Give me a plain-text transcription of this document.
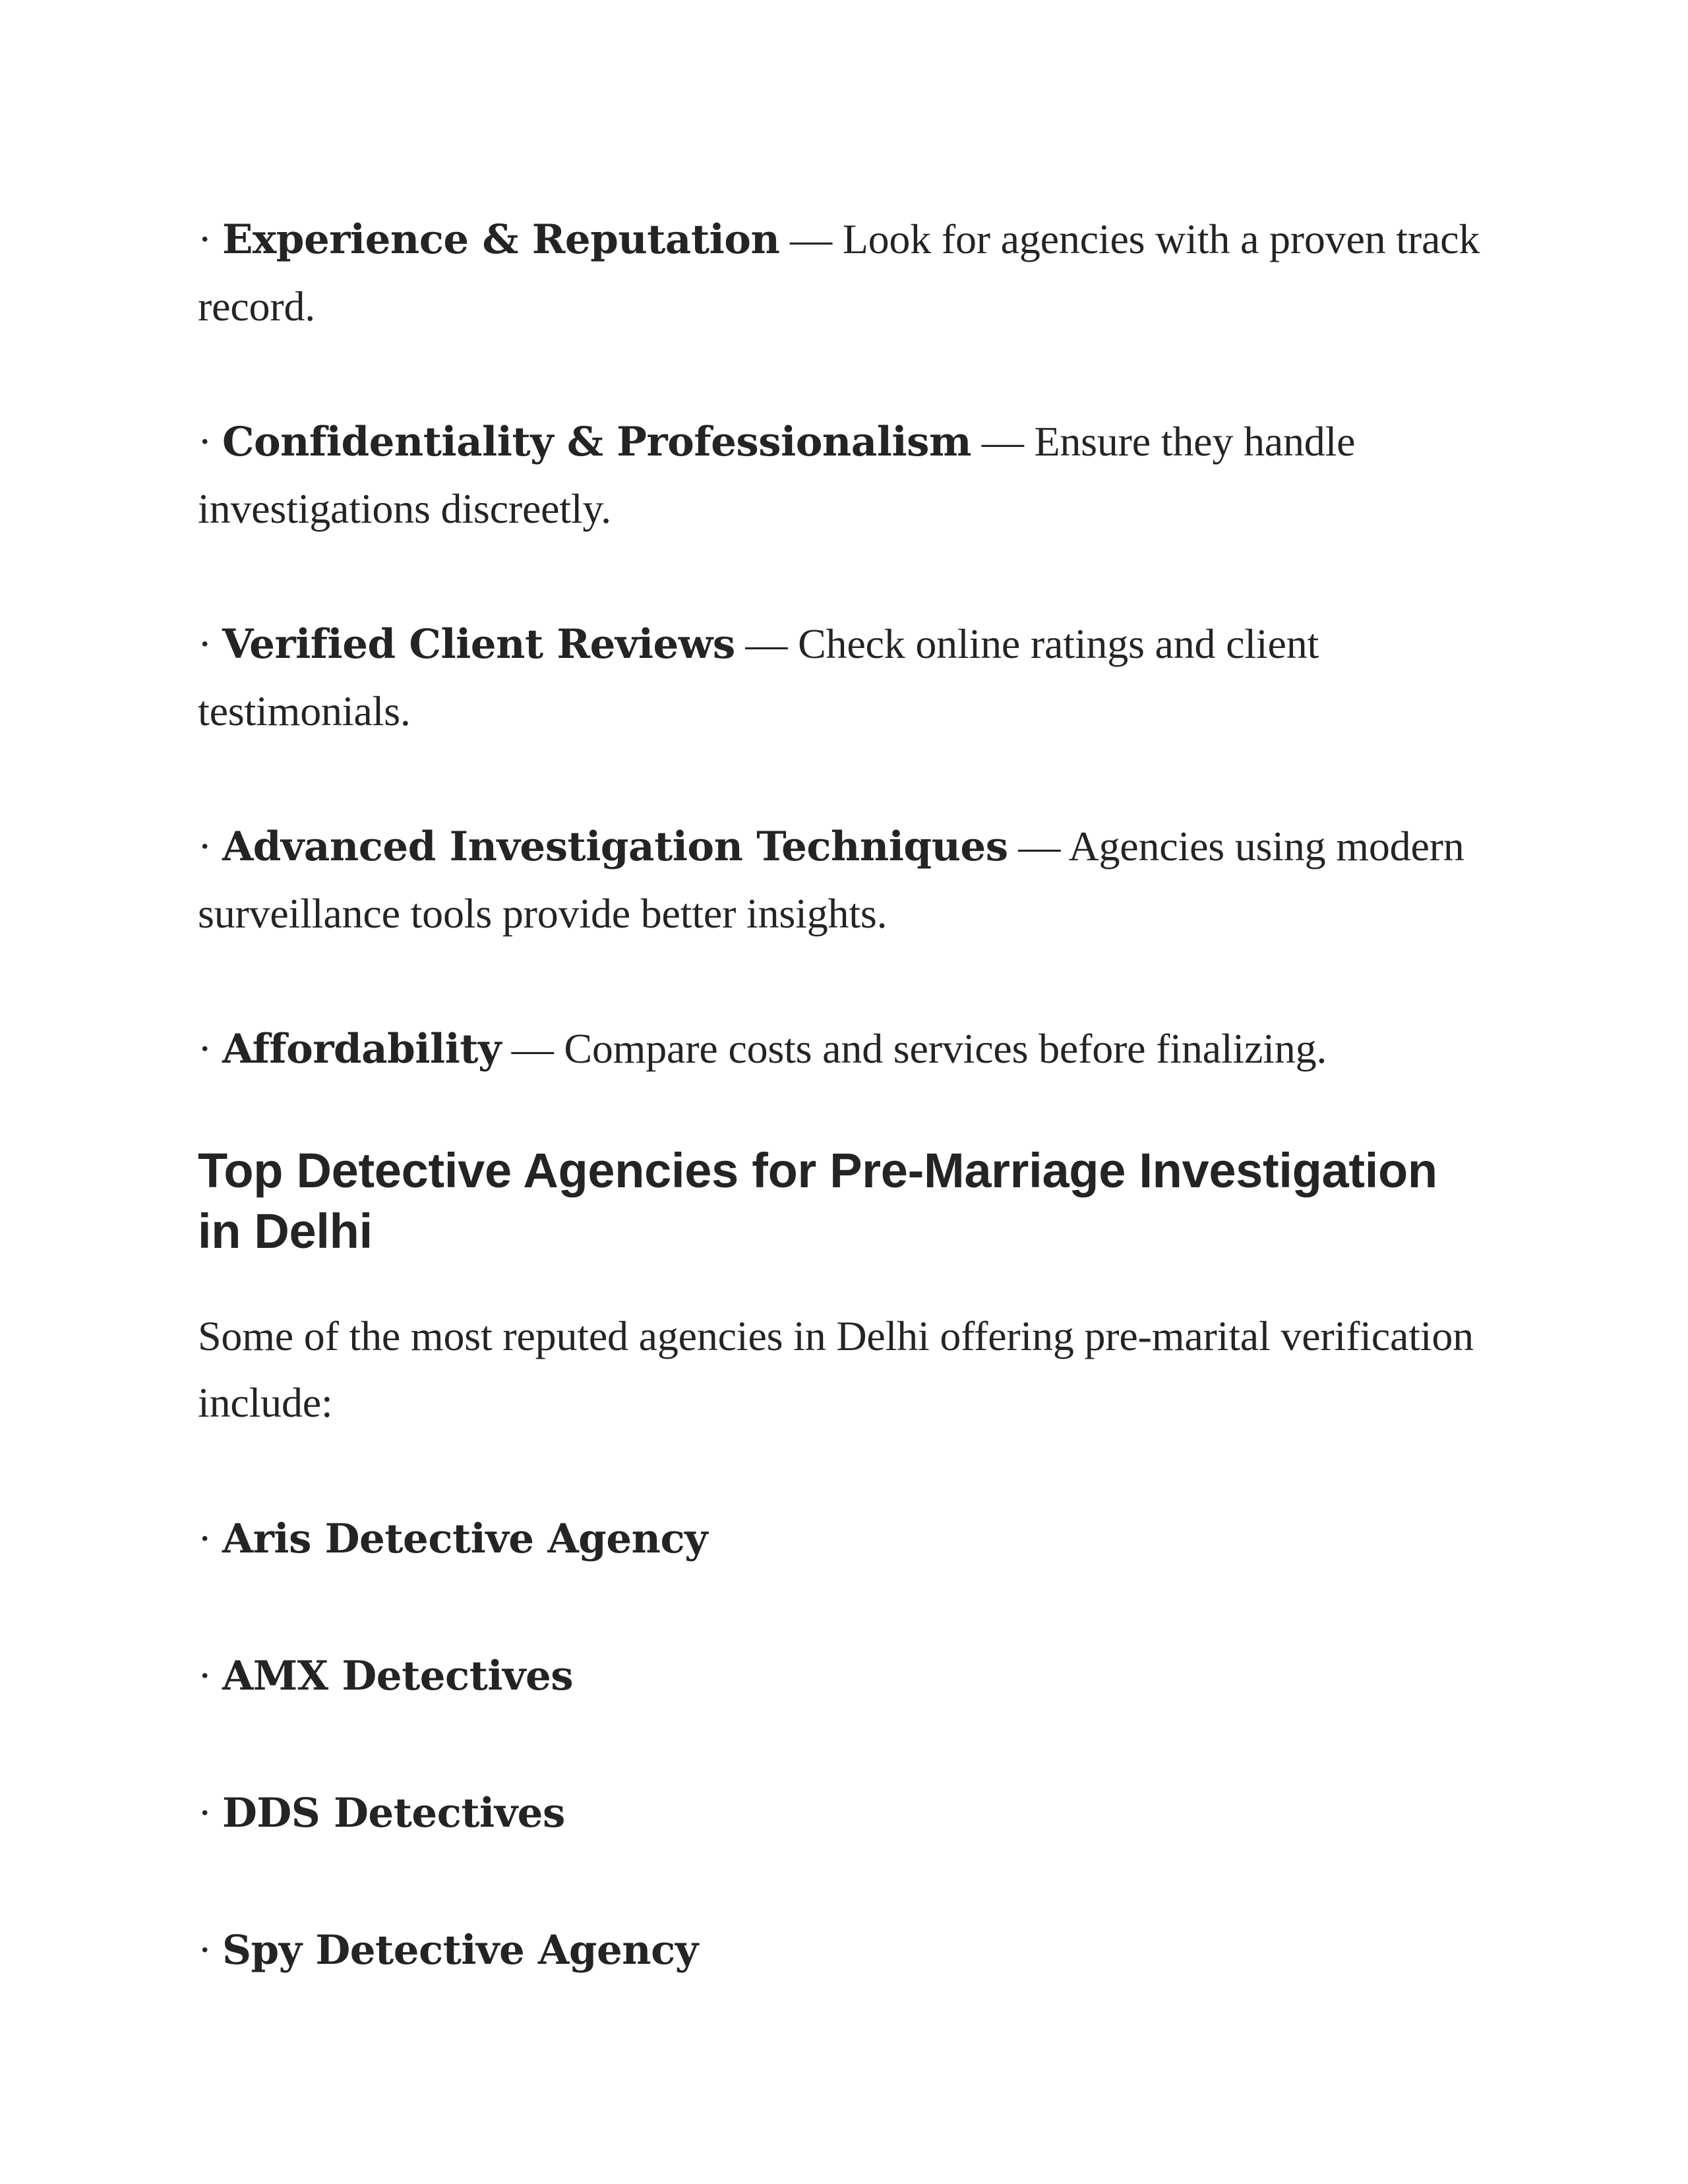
· Experience & Reputation — Look for agencies with a proven track record.

· Confidentiality & Professionalism — Ensure they handle investigations discreetly.

· Verified Client Reviews — Check online ratings and client testimonials.

· Advanced Investigation Techniques — Agencies using modern surveillance tools provide better insights.

· Affordability — Compare costs and services before finalizing.

Top Detective Agencies for Pre-Marriage Investigation in Delhi

Some of the most reputed agencies in Delhi offering pre-marital verification include:

· Aris Detective Agency

· AMX Detectives

· DDS Detectives

· Spy Detective Agency
